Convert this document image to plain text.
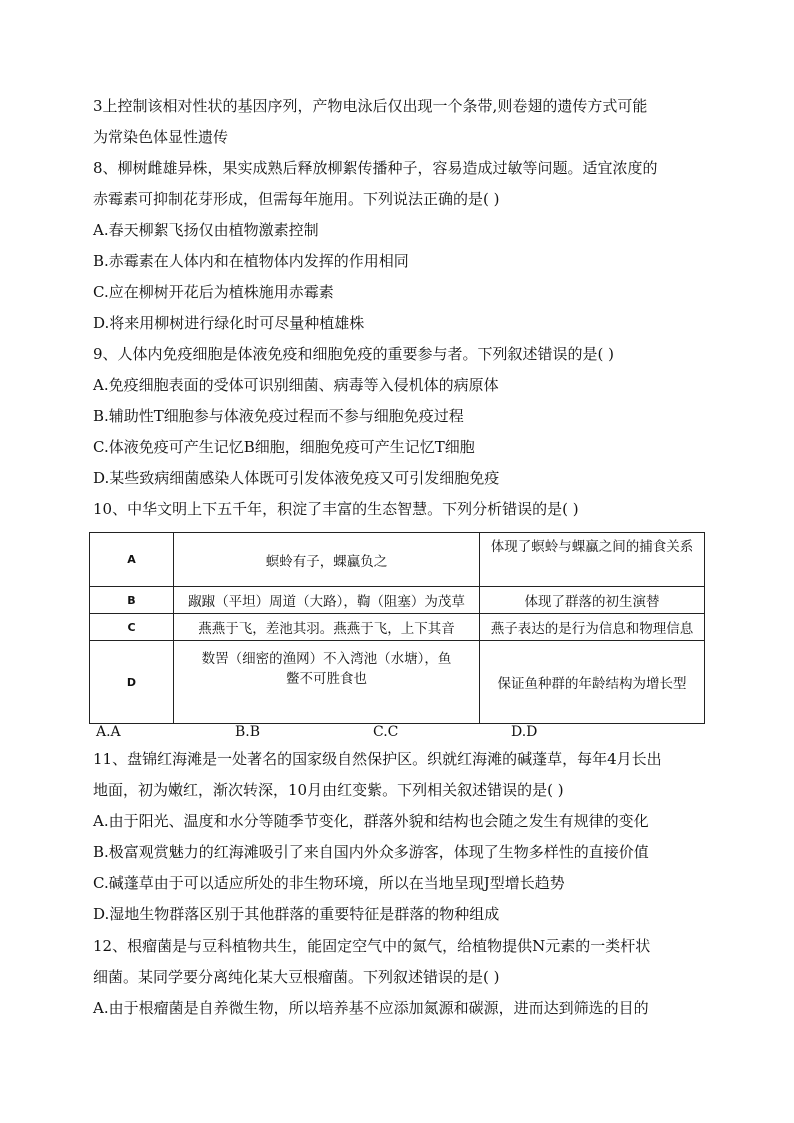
3上控制该相对性状的基因序列，产物电泳后仅出现一个条带,则卷翅的遗传方式可能
为常染色体显性遗传
8、柳树雌雄异株，果实成熟后释放柳絮传播种子，容易造成过敏等问题。适宜浓度的
赤霉素可抑制花芽形成，但需每年施用。下列说法正确的是( )
A.春天柳絮飞扬仅由植物激素控制
B.赤霉素在人体内和在植物体内发挥的作用相同
C.应在柳树开花后为植株施用赤霉素
D.将来用柳树进行绿化时可尽量种植雄株
9、人体内免疫细胞是体液免疫和细胞免疫的重要参与者。下列叙述错误的是( )
A.免疫细胞表面的受体可识别细菌、病毒等入侵机体的病原体
B.辅助性T细胞参与体液免疫过程而不参与细胞免疫过程
C.体液免疫可产生记忆B细胞，细胞免疫可产生记忆T细胞
D.某些致病细菌感染人体既可引发体液免疫又可引发细胞免疫
10、中华文明上下五千年，积淀了丰富的生态智慧。下列分析错误的是( )
A	螟蛉有子，蜾蠃负之	体现了螟蛉与蜾蠃之间的捕食关系
B	踧踧（平坦）周道（大路），鞫（阻塞）为茂草	体现了群落的初生演替
C	燕燕于飞，差池其羽。燕燕于飞，上下其音	燕子表达的是行为信息和物理信息
D	数罟（细密的渔网）不入湾池（水塘），鱼
鳖不可胜食也	保证鱼种群的年龄结构为增长型
A.A	B.B	C.C	D.D
11、盘锦红海滩是一处著名的国家级自然保护区。织就红海滩的碱蓬草，每年4月长出
地面，初为嫩红，渐次转深，10月由红变紫。下列相关叙述错误的是( )
A.由于阳光、温度和水分等随季节变化，群落外貌和结构也会随之发生有规律的变化
B.极富观赏魅力的红海滩吸引了来自国内外众多游客，体现了生物多样性的直接价值
C.碱蓬草由于可以适应所处的非生物环境，所以在当地呈现J型增长趋势
D.湿地生物群落区别于其他群落的重要特征是群落的物种组成
12、根瘤菌是与豆科植物共生，能固定空气中的氮气，给植物提供N元素的一类杆状
细菌。某同学要分离纯化某大豆根瘤菌。下列叙述错误的是( )
A.由于根瘤菌是自养微生物，所以培养基不应添加氮源和碳源，进而达到筛选的目的
